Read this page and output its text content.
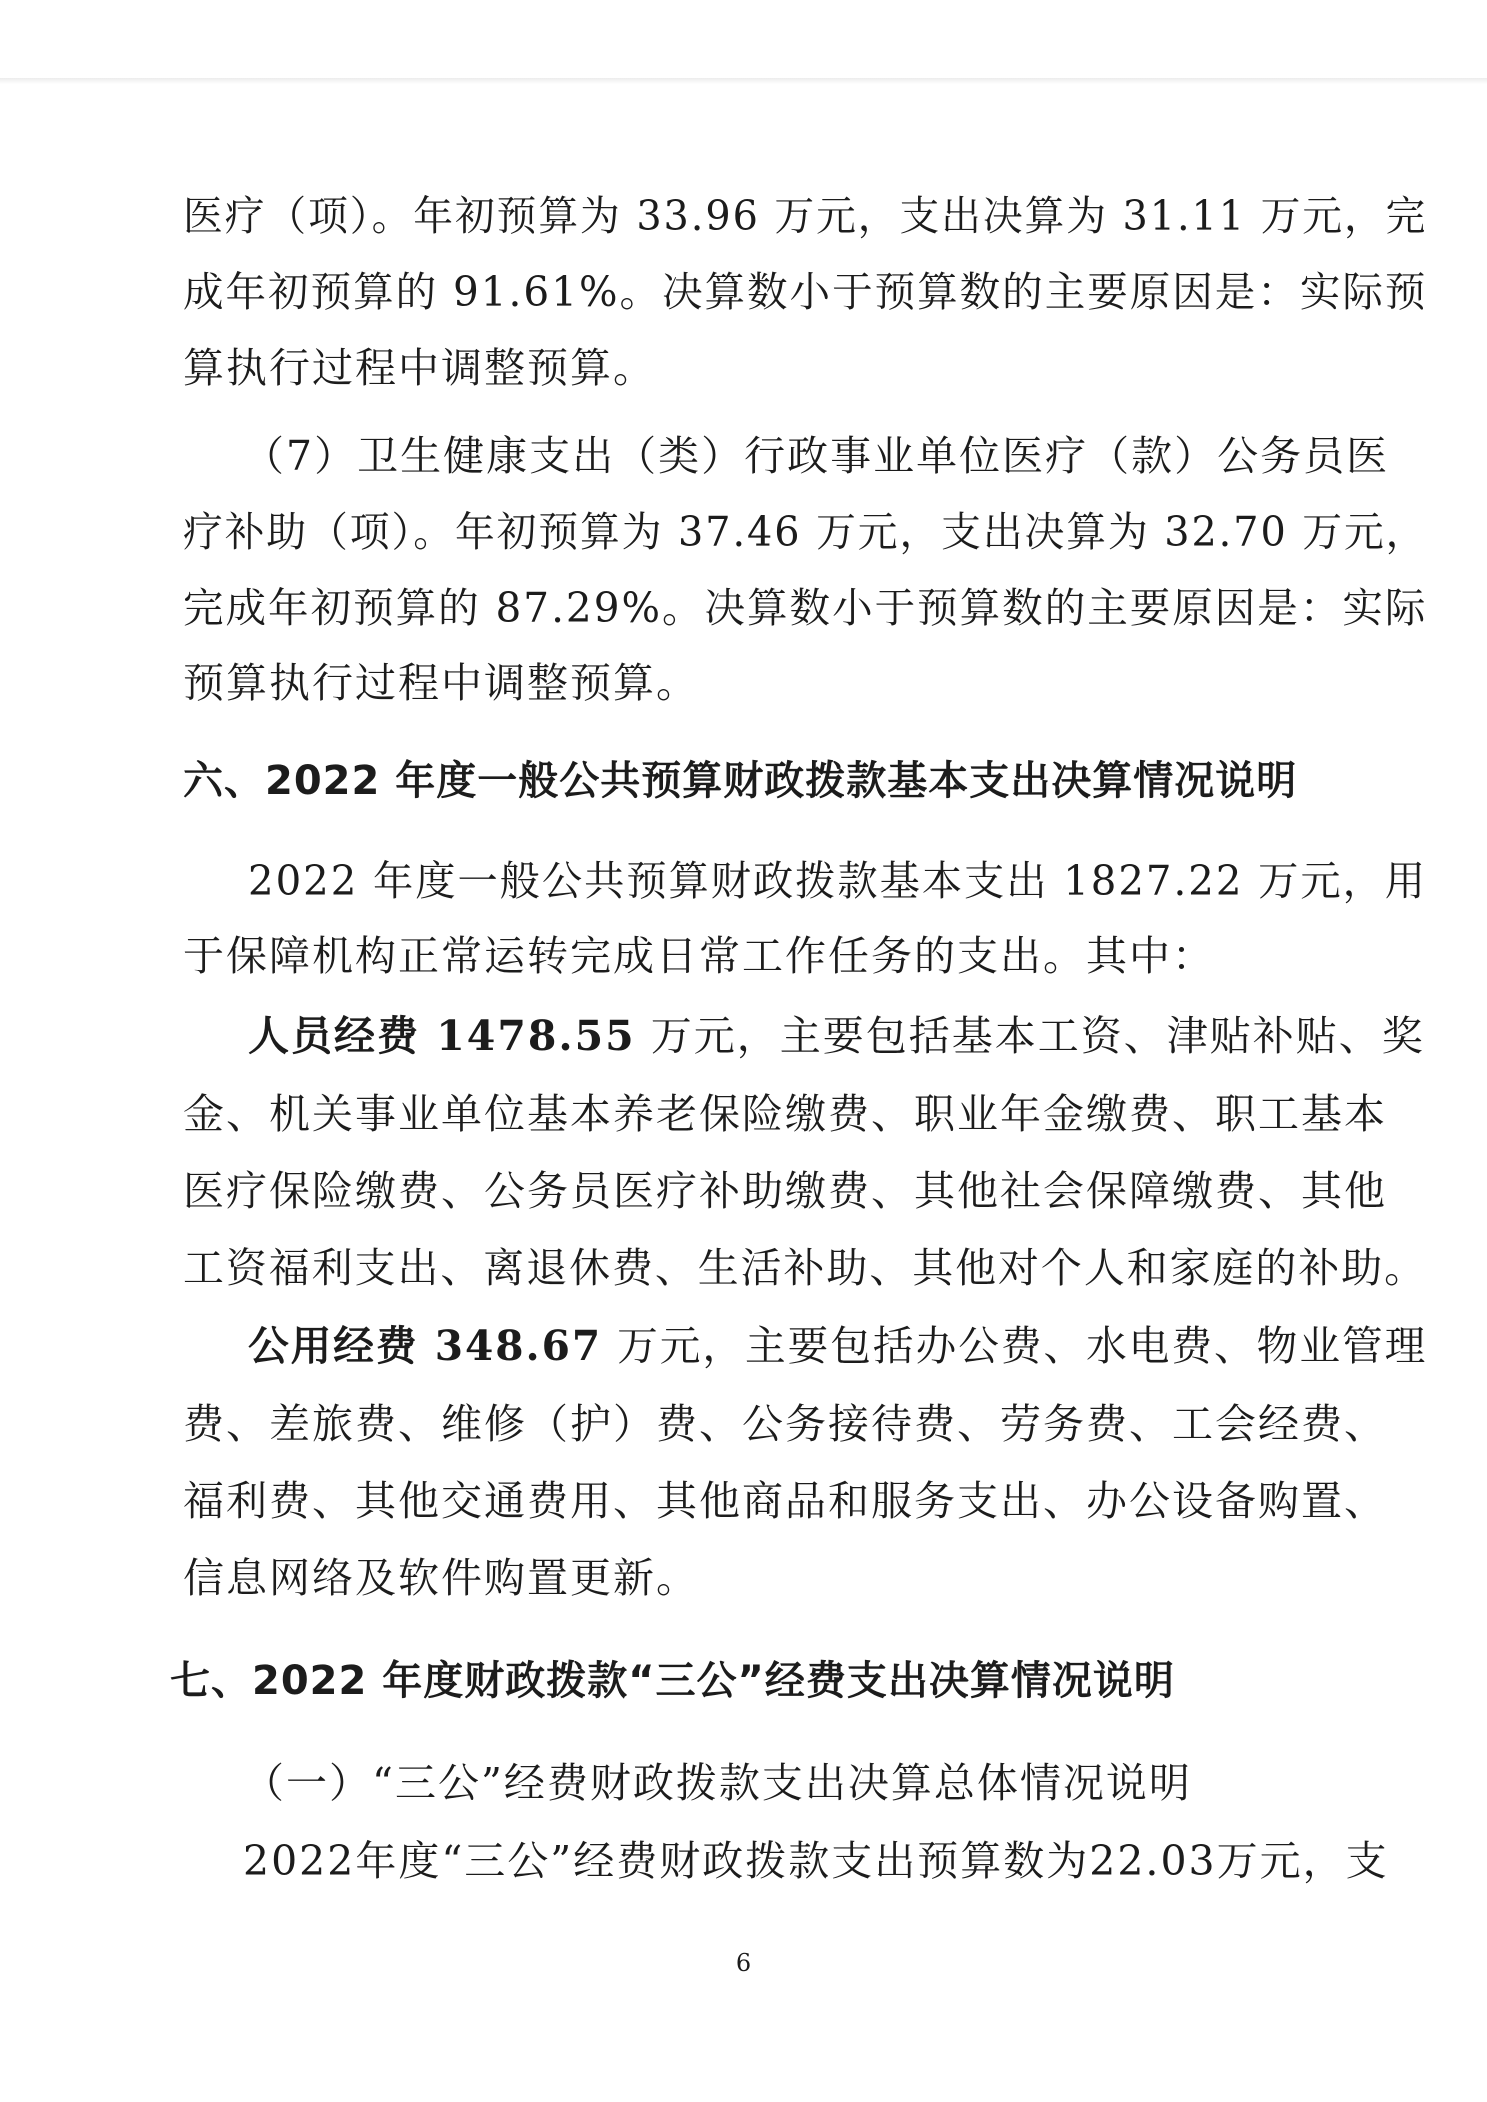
医疗（项）。年初预算为 33.96 万元，支出决算为 31.11 万元，完
成年初预算的 91.61%。决算数小于预算数的主要原因是：实际预
算执行过程中调整预算。
（7）卫生健康支出（类）行政事业单位医疗（款）公务员医
疗补助（项）。年初预算为 37.46 万元，支出决算为 32.70 万元，
完成年初预算的 87.29%。决算数小于预算数的主要原因是：实际
预算执行过程中调整预算。
六、2022 年度一般公共预算财政拨款基本支出决算情况说明
2022 年度一般公共预算财政拨款基本支出 1827.22 万元，用
于保障机构正常运转完成日常工作任务的支出。其中：
人员经费 1478.55 万元，主要包括基本工资、津贴补贴、奖
金、机关事业单位基本养老保险缴费、职业年金缴费、职工基本
医疗保险缴费、公务员医疗补助缴费、其他社会保障缴费、其他
工资福利支出、离退休费、生活补助、其他对个人和家庭的补助。
公用经费 348.67 万元，主要包括办公费、水电费、物业管理
费、差旅费、维修（护）费、公务接待费、劳务费、工会经费、
福利费、其他交通费用、其他商品和服务支出、办公设备购置、
信息网络及软件购置更新。
七、2022 年度财政拨款“三公”经费支出决算情况说明
（一）“三公”经费财政拨款支出决算总体情况说明
2022年度“三公”经费财政拨款支出预算数为22.03万元，支
6
